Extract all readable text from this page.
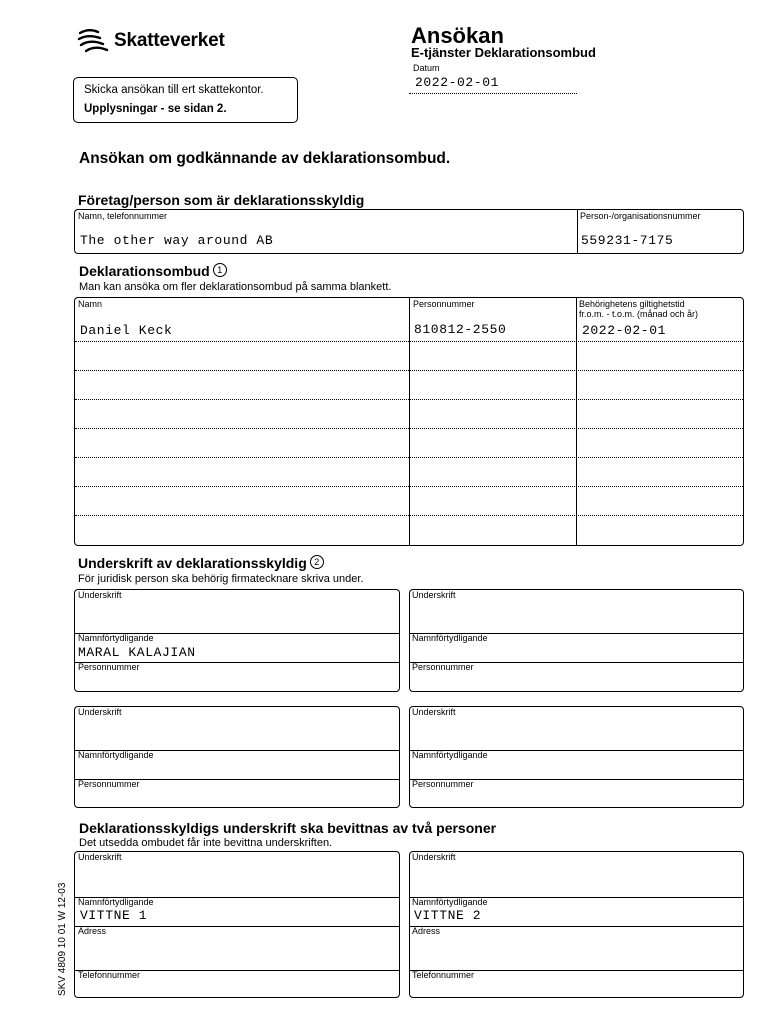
Skatteverket	Ansökan
E-tjänster Deklarationsombud
Datum
2022-02-01
Skicka ansökan till ert skattekontor.
Upplysningar - se sidan 2.
Ansökan om godkännande av deklarationsombud.
Företag/person som är deklarationsskyldig
Namn, telefonnummer
The other way around AB
Person-/organisationsnummer
559231-7175
Deklarationsombud 1
Man kan ansöka om fler deklarationsombud på samma blankett.
Namn	Personnummer	Behörighetens giltighetstid
fr.o.m. - t.o.m. (månad och år)
Daniel Keck	810812-2550	2022-02-01
Underskrift av deklarationsskyldig 2
För juridisk person ska behörig firmatecknare skriva under.
Underskrift
Namnförtydligande
MARAL KALAJIAN
Personnummer
Underskrift
Namnförtydligande
Personnummer
Underskrift
Namnförtydligande
Personnummer
Underskrift
Namnförtydligande
Personnummer
Deklarationsskyldigs underskrift ska bevittnas av två personer
Det utsedda ombudet får inte bevittna underskriften.
Underskrift
Namnförtydligande
VITTNE 1
Adress
Telefonnummer
Underskrift
Namnförtydligande
VITTNE 2
Adress
Telefonnummer
SKV 4809 10 01 W 12-03
